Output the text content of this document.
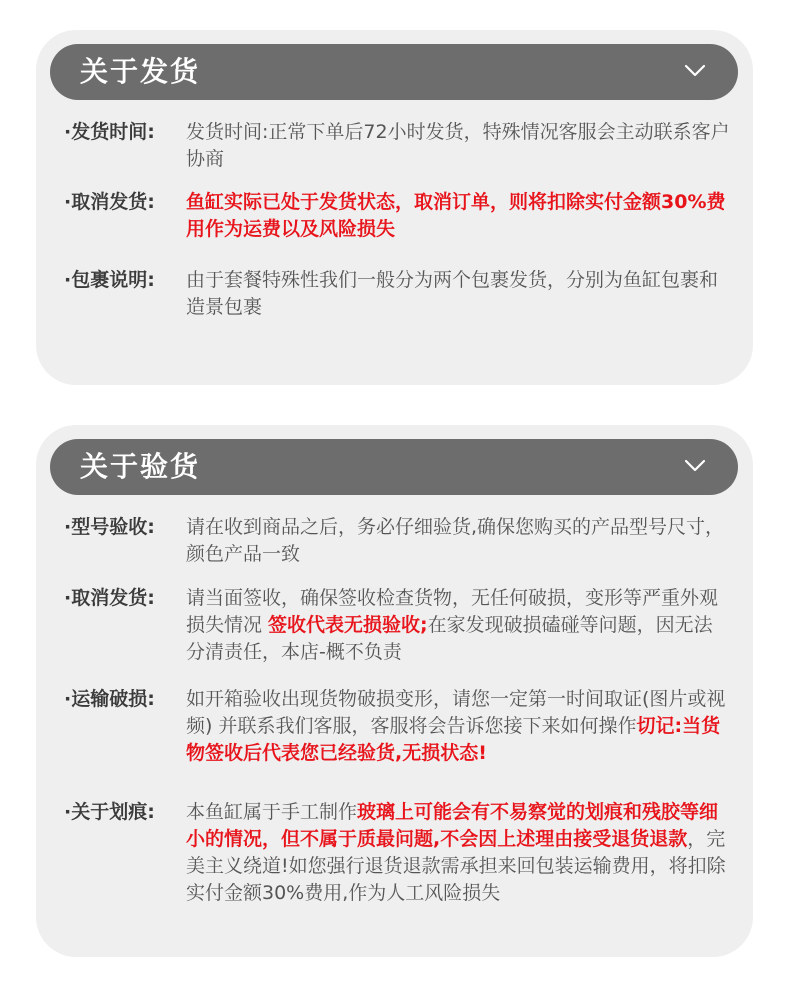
关于发货
·发货时间: 发货时间:正常下单后72小时发货，特殊情况客服会主动联系客户协商
·取消发货: 鱼缸实际已处于发货状态，取消订单，则将扣除实付金额30%费用作为运费以及风险损失
·包裹说明: 由于套餐特殊性我们一般分为两个包裹发货，分别为鱼缸包裹和造景包裹
关于验货
·型号验收: 请在收到商品之后，务必仔细验货,确保您购买的产品型号尺寸，颜色产品一致
·取消发货: 请当面签收，确保签收检查货物，无任何破损，变形等严重外观损失情况 签收代表无损验收;在家发现破损磕碰等问题，因无法分清责任，本店-概不负责
·运输破损: 如开箱验收出现货物破损变形，请您一定第一时间取证(图片或视频) 并联系我们客服，客服将会告诉您接下来如何操作切记:当货物签收后代表您已经验货,无损状态!
·关于划痕: 本鱼缸属于手工制作玻璃上可能会有不易察觉的划痕和残胶等细小的情况，但不属于质最问题,不会因上述理由接受退货退款，完美主义绕道!如您强行退货退款需承担来回包装运输费用，将扣除实付金额30%费用,作为人工风险损失
